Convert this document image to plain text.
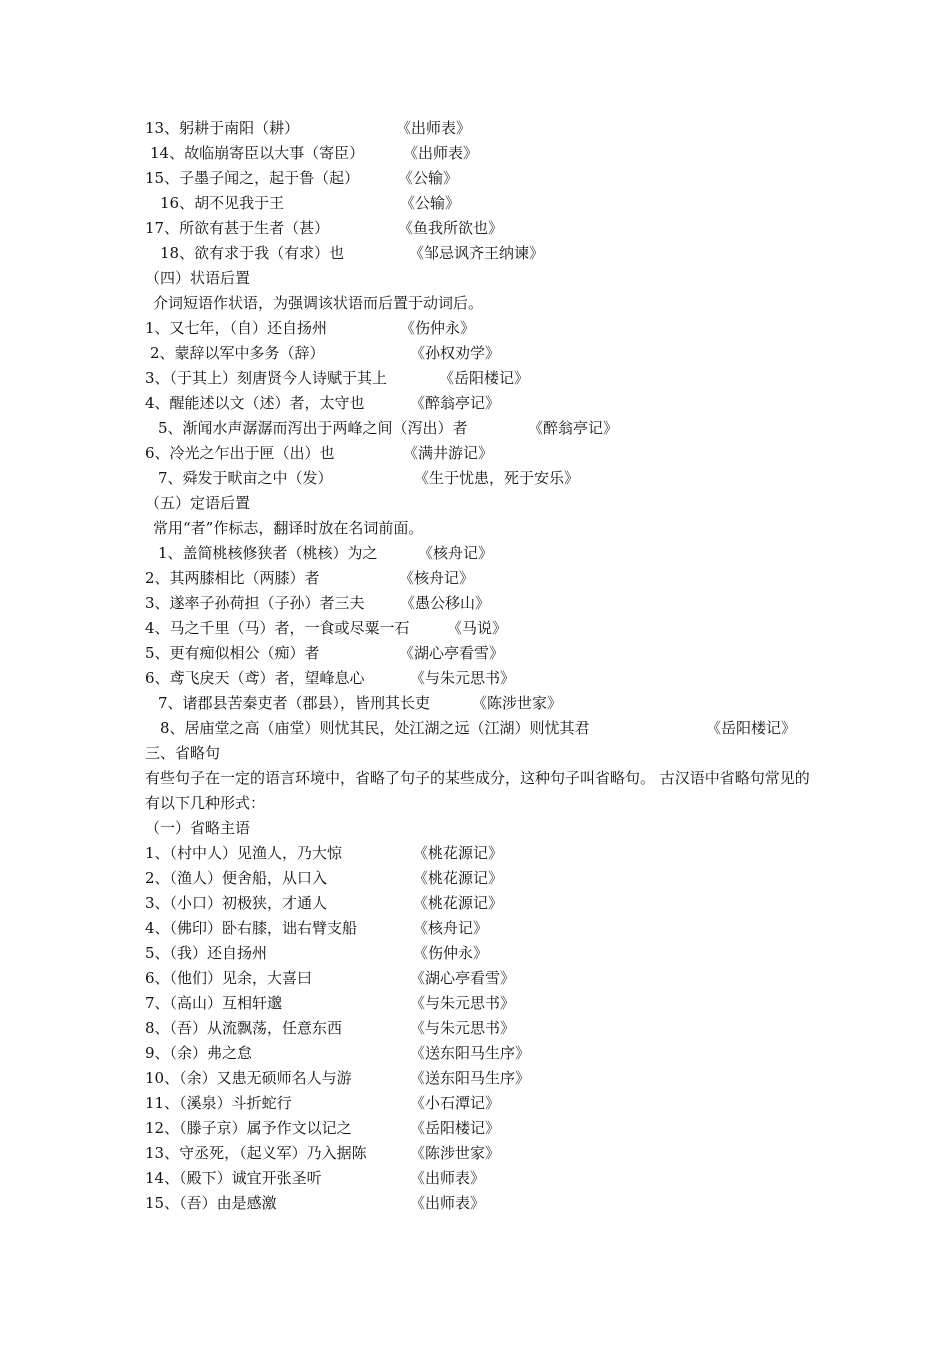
13、躬耕于南阳（耕）	《出师表》
14、故临崩寄臣以大事（寄臣）	《出师表》
15、子墨子闻之，起于鲁（起）	《公输》
16、胡不见我于王	《公输》
17、所欲有甚于生者（甚）	《鱼我所欲也》
18、欲有求于我（有求）也	《邹忌讽齐王纳谏》
（四）状语后置
介词短语作状语，为强调该状语而后置于动词后。
1、又七年，（自）还自扬州	《伤仲永》
2、蒙辞以军中多务（辞）	《孙权劝学》
3、（于其上）刻唐贤今人诗赋于其上	《岳阳楼记》
4、醒能述以文（述）者，太守也	《醉翁亭记》
5、渐闻水声潺潺而泻出于两峰之间（泻出）者	《醉翁亭记》
6、冷光之乍出于匣（出）也	《满井游记》
7、舜发于畎亩之中（发）	《生于忧患，死于安乐》
（五）定语后置
常用“者”作标志，翻译时放在名词前面。
1、盖简桃核修狭者（桃核）为之	《核舟记》
2、其两膝相比（两膝）者	《核舟记》
3、遂率子孙荷担（子孙）者三夫 《愚公移山》
4、马之千里（马）者，一食或尽粟一石 《马说》
5、更有痴似相公（痴）者	《湖心亭看雪》
6、鸢飞戾天（鸢）者，望峰息心	《与朱元思书》
7、诸郡县苦秦吏者（郡县），皆刑其长吏	《陈涉世家》
8、居庙堂之高（庙堂）则忧其民，处江湖之远（江湖）则忧其君	《岳阳楼记》
三、省略句
有些句子在一定的语言环境中，省略了句子的某些成分，这种句子叫省略句。 古汉语中省略句常见的有以下几种形式：
（一）省略主语
1、（村中人）见渔人，乃大惊	《桃花源记》
2、（渔人）便舍船，从口入	《桃花源记》
3、（小口）初极狭，才通人	《桃花源记》
4、（佛印）卧右膝，诎右臂支船	《核舟记》
5、（我）还自扬州	《伤仲永》
6、（他们）见余，大喜曰	《湖心亭看雪》
7、（高山）互相轩邈	《与朱元思书》
8、（吾）从流飘荡，任意东西	《与朱元思书》
9、（余）弗之怠	《送东阳马生序》
10、（余）又患无硕师名人与游	《送东阳马生序》
11、（溪泉）斗折蛇行	《小石潭记》
12、（滕子京）属予作文以记之	《岳阳楼记》
13、守丞死，（起义军）乃入据陈	《陈涉世家》
14、（殿下）诚宜开张圣听	《出师表》
15、（吾）由是感激	《出师表》
